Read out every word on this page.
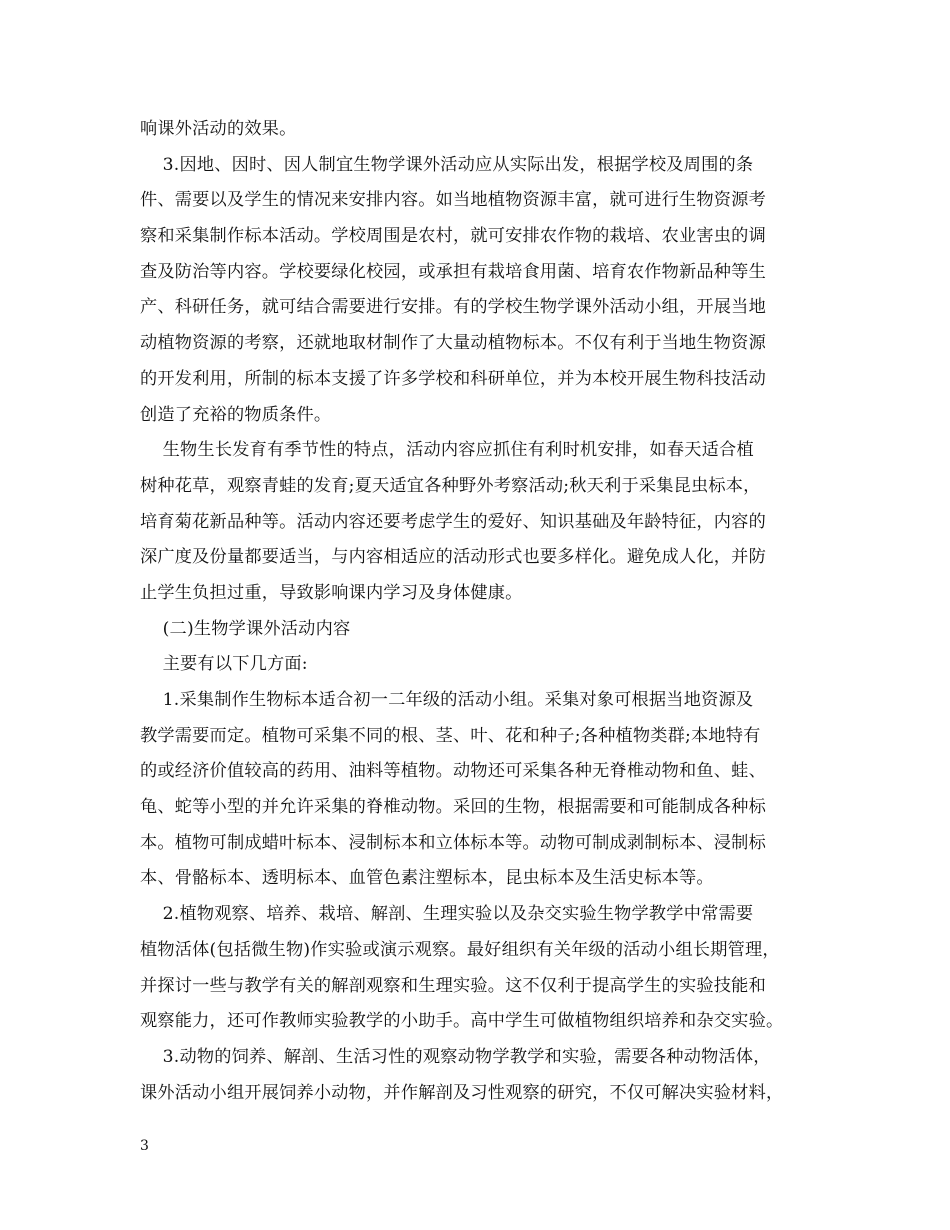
响课外活动的效果。
3.因地、因时、因人制宜生物学课外活动应从实际出发，根据学校及周围的条
件、需要以及学生的情况来安排内容。如当地植物资源丰富，就可进行生物资源考
察和采集制作标本活动。学校周围是农村，就可安排农作物的栽培、农业害虫的调
查及防治等内容。学校要绿化校园，或承担有栽培食用菌、培育农作物新品种等生
产、科研任务，就可结合需要进行安排。有的学校生物学课外活动小组，开展当地
动植物资源的考察，还就地取材制作了大量动植物标本。不仅有利于当地生物资源
的开发利用，所制的标本支援了许多学校和科研单位，并为本校开展生物科技活动
创造了充裕的物质条件。
生物生长发育有季节性的特点，活动内容应抓住有利时机安排，如春天适合植
树种花草，观察青蛙的发育;夏天适宜各种野外考察活动;秋天利于采集昆虫标本，
培育菊花新品种等。活动内容还要考虑学生的爱好、知识基础及年龄特征，内容的
深广度及份量都要适当，与内容相适应的活动形式也要多样化。避免成人化，并防
止学生负担过重，导致影响课内学习及身体健康。
(二)生物学课外活动内容
主要有以下几方面:
1.采集制作生物标本适合初一二年级的活动小组。采集对象可根据当地资源及
教学需要而定。植物可采集不同的根、茎、叶、花和种子;各种植物类群;本地特有
的或经济价值较高的药用、油料等植物。动物还可采集各种无脊椎动物和鱼、蛙、
龟、蛇等小型的并允许采集的脊椎动物。采回的生物，根据需要和可能制成各种标
本。植物可制成蜡叶标本、浸制标本和立体标本等。动物可制成剥制标本、浸制标
本、骨骼标本、透明标本、血管色素注塑标本，昆虫标本及生活史标本等。
2.植物观察、培养、栽培、解剖、生理实验以及杂交实验生物学教学中常需要
植物活体(包括微生物)作实验或演示观察。最好组织有关年级的活动小组长期管理，
并探讨一些与教学有关的解剖观察和生理实验。这不仅利于提高学生的实验技能和
观察能力，还可作教师实验教学的小助手。高中学生可做植物组织培养和杂交实验。
3.动物的饲养、解剖、生活习性的观察动物学教学和实验，需要各种动物活体，
课外活动小组开展饲养小动物，并作解剖及习性观察的研究，不仅可解决实验材料，
3
